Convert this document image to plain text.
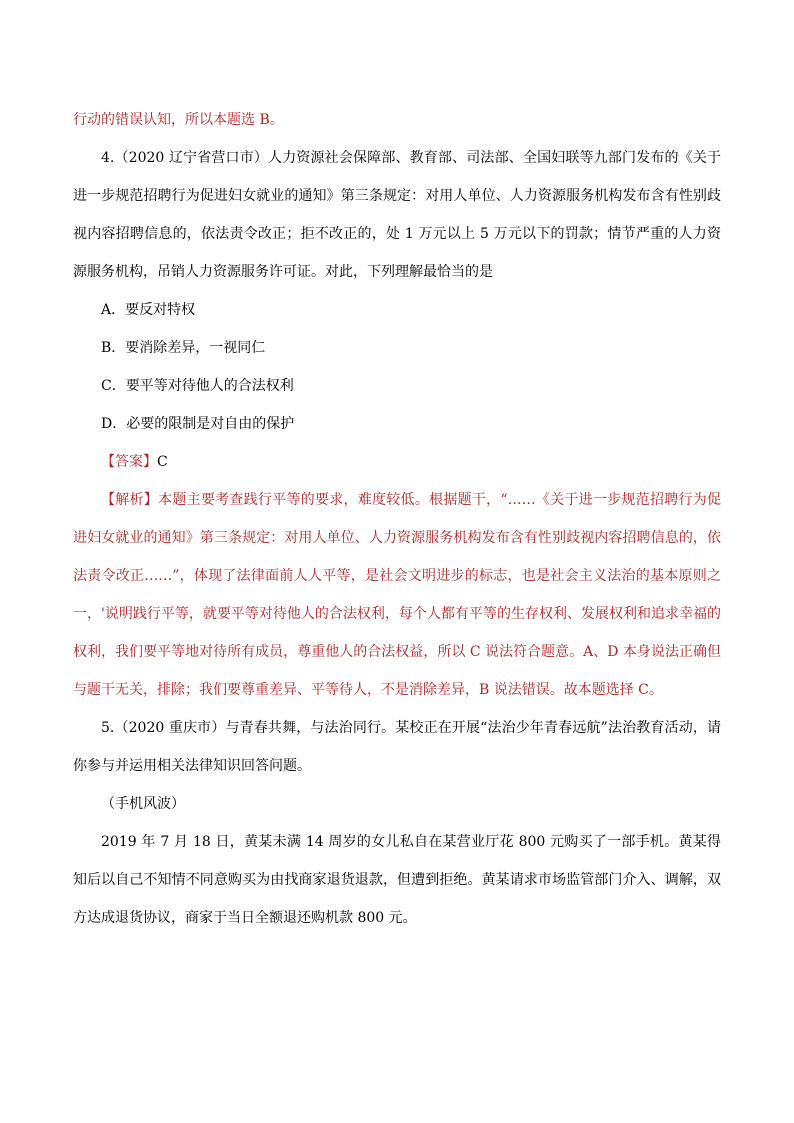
行动的错误认知，所以本题选 B。

4.（2020 辽宁省营口市）人力资源社会保障部、教育部、司法部、全国妇联等九部门发布的《关于进一步规范招聘行为促进妇女就业的通知》第三条规定：对用人单位、人力资源服务机构发布含有性别歧视内容招聘信息的，依法责令改正；拒不改正的，处 1 万元以上 5 万元以下的罚款；情节严重的人力资源服务机构，吊销人力资源服务许可证。对此，下列理解最恰当的是

A．要反对特权

B．要消除差异，一视同仁

C．要平等对待他人的合法权利

D．必要的限制是对自由的保护

【答案】C

【解析】本题主要考查践行平等的要求，难度较低。根据题干，“……《关于进一步规范招聘行为促进妇女就业的通知》第三条规定：对用人单位、人力资源服务机构发布含有性别歧视内容招聘信息的，依法责令改正……”，体现了法律面前人人平等，是社会文明进步的标志，也是社会主义法治的基本原则之一，'说明践行平等，就要平等对待他人的合法权利，每个人都有平等的生存权利、发展权利和追求幸福的权利，我们要平等地对待所有成员，尊重他人的合法权益，所以 C 说法符合题意。A、D 本身说法正确但与题干无关，排除；我们要尊重差异、平等待人，不是消除差异，B 说法错误。故本题选择 C。

5.（2020 重庆市）与青春共舞，与法治同行。某校正在开展“法治少年青春远航”法治教育活动，请你参与并运用相关法律知识回答问题。

（手机风波）

2019 年 7 月 18 日，黄某未满 14 周岁的女儿私自在某营业厅花 800 元购买了一部手机。黄某得知后以自己不知情不同意购买为由找商家退货退款，但遭到拒绝。黄某请求市场监管部门介入、调解，双方达成退货协议，商家于当日全额退还购机款 800 元。
